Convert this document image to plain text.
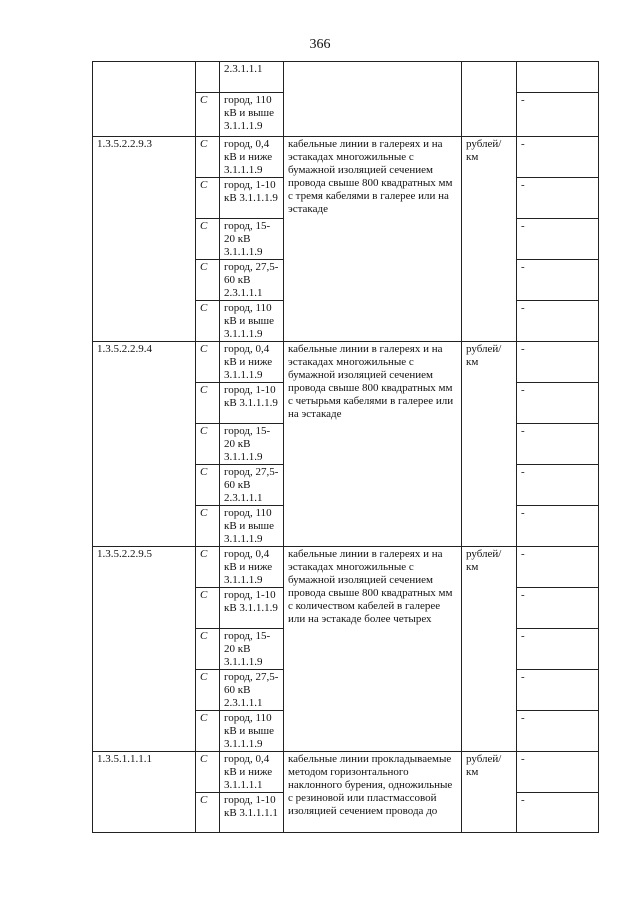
366
		2.3.1.1.1			
	С	город, 110 кВ и выше 3.1.1.1.9			-
1.3.5.2.2.9.3	С	город, 0,4 кВ и ниже 3.1.1.1.9	кабельные линии в галереях и на эстакадах многожильные с бумажной изоляцией сечением провода свыше 800 квадратных мм с тремя кабелями в галерее или на эстакаде	рублей/ км	-
	С	город, 1-10 кВ 3.1.1.1.9			-
	С	город, 15-20 кВ 3.1.1.1.9			-
	С	город, 27,5-60 кВ 2.3.1.1.1			-
	С	город, 110 кВ и выше 3.1.1.1.9			-
1.3.5.2.2.9.4	С	город, 0,4 кВ и ниже 3.1.1.1.9	кабельные линии в галереях и на эстакадах многожильные с бумажной изоляцией сечением провода свыше 800 квадратных мм с четырьмя кабелями в галерее или на эстакаде	рублей/ км	-
	С	город, 1-10 кВ 3.1.1.1.9			-
	С	город, 15-20 кВ 3.1.1.1.9			-
	С	город, 27,5-60 кВ 2.3.1.1.1			-
	С	город, 110 кВ и выше 3.1.1.1.9			-
1.3.5.2.2.9.5	С	город, 0,4 кВ и ниже 3.1.1.1.9	кабельные линии в галереях и на эстакадах многожильные с бумажной изоляцией сечением провода свыше 800 квадратных мм с количеством кабелей в галерее или на эстакаде более четырех	рублей/ км	-
	С	город, 1-10 кВ 3.1.1.1.9			-
	С	город, 15-20 кВ 3.1.1.1.9			-
	С	город, 27,5-60 кВ 2.3.1.1.1			-
	С	город, 110 кВ и выше 3.1.1.1.9			-
1.3.5.1.1.1.1	С	город, 0,4 кВ и ниже 3.1.1.1.1	кабельные линии прокладываемые методом горизонтального наклонного бурения, одножильные с резиновой или пластмассовой изоляцией сечением провода до	рублей/ км	-
	С	город, 1-10 кВ 3.1.1.1.1			-
